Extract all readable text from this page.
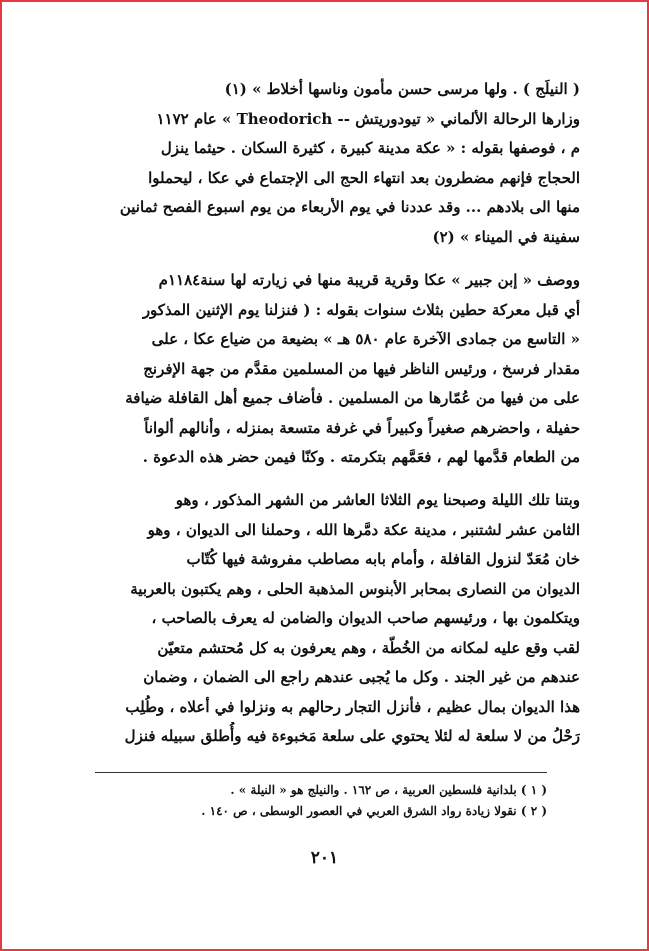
( النيلَج ) . ولها مرسى حسن مأمون وناسها أخلاط » (١)
وزارها الرحالة الألماني « تيودوريتش -- Theodorich » عام ١١٧٢
م ، فوصفها بقوله : « عكة مدينة كبيرة ، كثيرة السكان . حيثما ينزل
الحجاج فإنهم مضطرون بعد انتهاء الحج الى الإجتماع في عكا ، ليحملوا
منها الى بلادهم ... وقد عددنا في يوم الأربعاء من يوم اسبوع الفصح ثمانين
سفينة في الميناء » (٢)
ووصف « إبن جبير » عكا وقرية قريبة منها في زيارته لها سنة١١٨٤م
أي قبل معركة حطين بثلاث سنوات بقوله : ( فنزلنا يوم الإثنين المذكور
« التاسع من جمادى الآخرة عام ٥٨٠ هـ » بضيعة من ضياع عكا ، على
مقدار فرسخ ، ورئيس الناظر فيها من المسلمين مقدَّم من جهة الإفرنج
على من فيها من عُمّارها من المسلمين . فأضاف جميع أهل القافلة ضيافة
حفيلة ، واحضرهم صغيراً وكبيراً في غرفة متسعة بمنزله ، وأنالهم ألواناً
من الطعام قدَّمها لهم ، فعَمَّهم بتكرمته . وكنّا فيمن حضر هذه الدعوة .
وبتنا تلك الليلة وصبحنا يوم الثلاثا العاشر من الشهر المذكور ، وهو
الثامن عشر لشتنبر ، مدينة عكة دمَّرها الله ، وحملنا الى الديوان ، وهو
خان مُعَدّ لنزول القافلة ، وأمام بابه مصاطب مفروشة فيها كُتّاب
الديوان من النصارى بمحابر الأبنوس المذهبة الحلى ، وهم يكتبون بالعربية
ويتكلمون بها ، ورئيسهم صاحب الديوان والضامن له يعرف بالصاحب ،
لقب وقع عليه لمكانه من الخُطّة ، وهم يعرفون به كل مُحتشم متعيّن
عندهم من غير الجند . وكل ما يُجبى عندهم راجع الى الضمان ، وضمان
هذا الديوان بمال عظيم ، فأنزل التجار رحالهم به ونزلوا في أعلاه ، وطُلِب
رَحْلُ من لا سلعة له لئلا يحتوي على سلعة مَخبوءة فيه وأُطلق سبيله فنزل
( ١ ) بلدانية فلسطين العربية ، ص ١٦٢ . والنيلج هو « النيلة » .
( ٢ ) نقولا زيادة رواد الشرق العربي في العصور الوسطى ، ص ١٤٠ .
٢٠١
